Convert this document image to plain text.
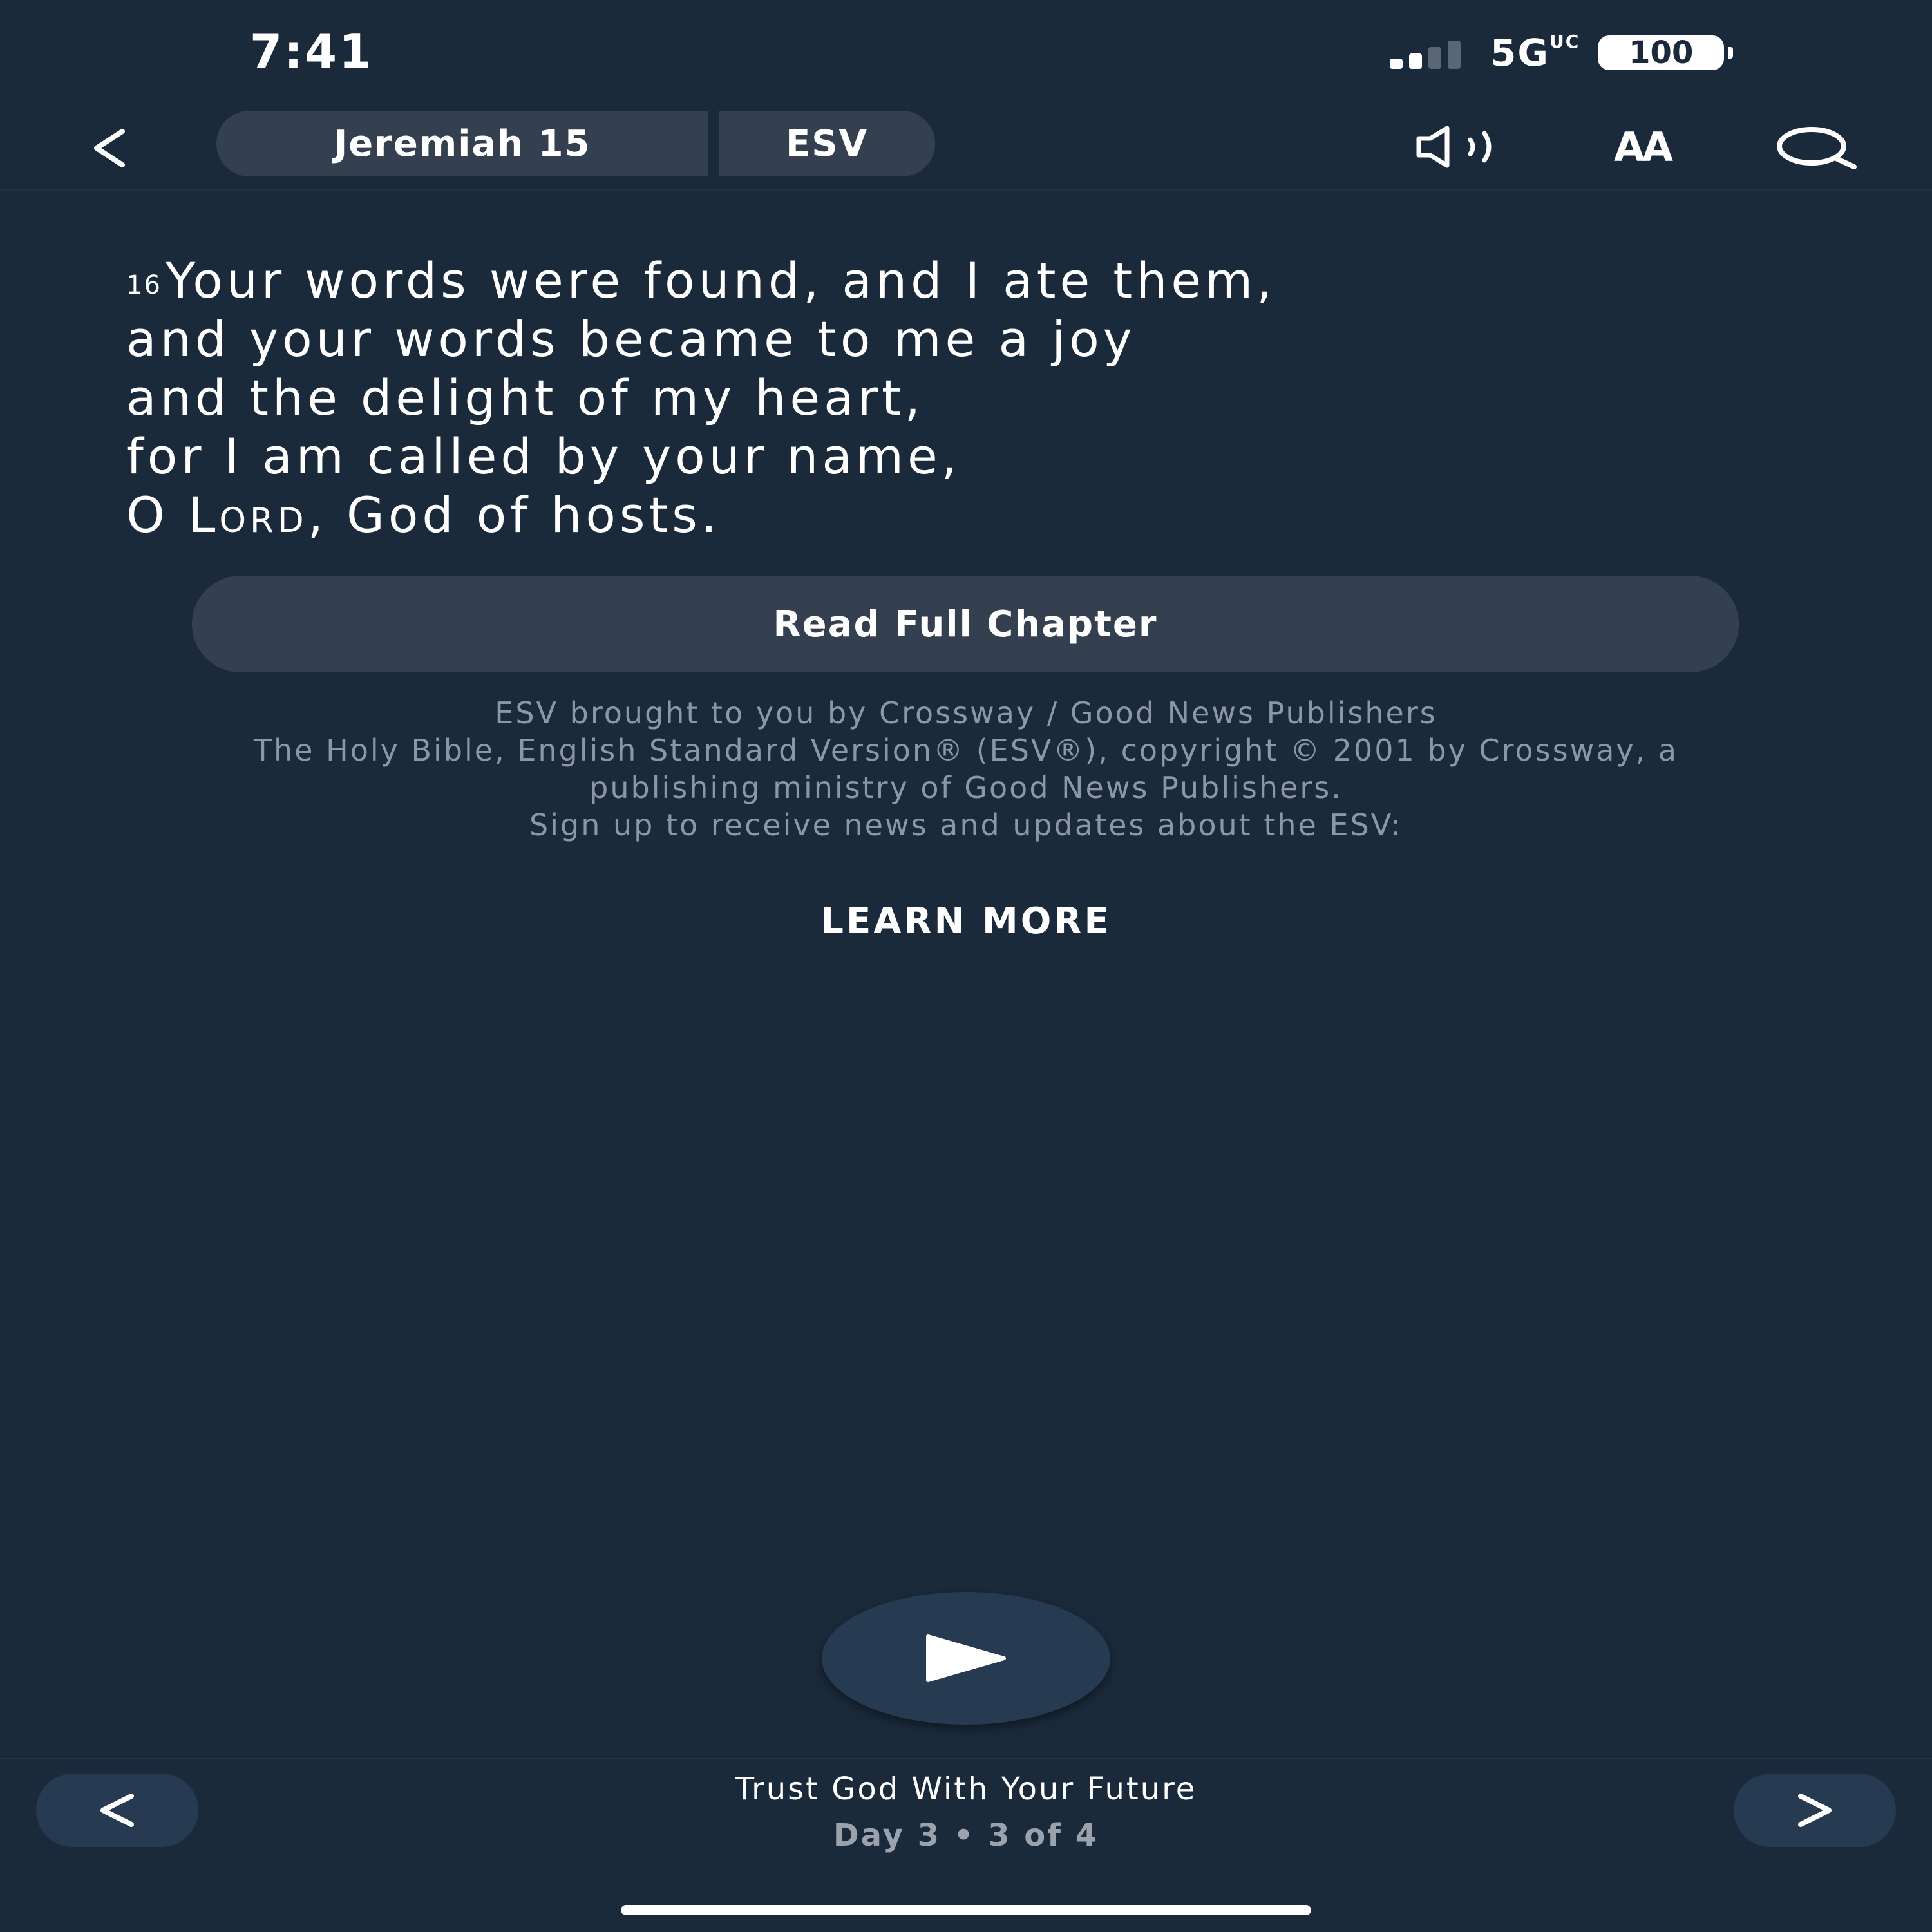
7:41	$5G^{UC}$ 100
Jeremiah 15	ESV	AA
$^{16}$Your words were found, and I ate them,
and your words became to me a joy
and the delight of my heart,
for I am called by your name,
O Lord, God of hosts.
Read Full Chapter
ESV brought to you by Crossway / Good News Publishers
The Holy Bible, English Standard Version® (ESV®), copyright © 2001 by Crossway, a publishing ministry of Good News Publishers.
Sign up to receive news and updates about the ESV:
LEARN MORE
Trust God With Your Future
Day 3 • 3 of 4
